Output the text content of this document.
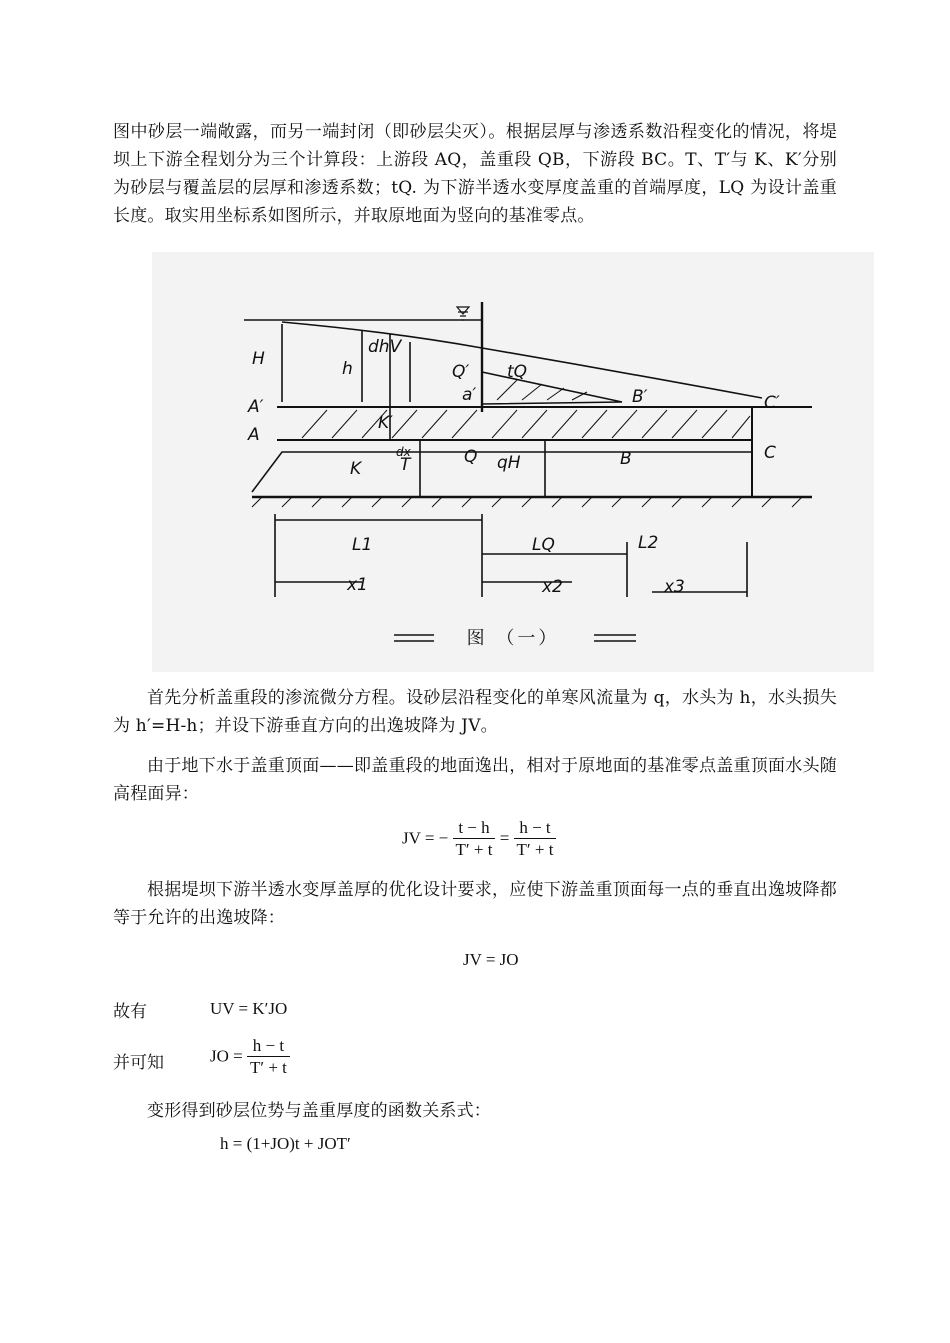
图中砂层一端敞露，而另一端封闭（即砂层尖灭）。根据层厚与渗透系数沿程变化的情况，将堤坝上下游全程划分为三个计算段：上游段 AQ，盖重段 QB，下游段 BC。T、T′与 K、K′分别为砂层与覆盖层的层厚和渗透系数；tQ. 为下游半透水变厚度盖重的首端厚度，LQ 为设计盖重长度。取实用坐标系如图所示，并取原地面为竖向的基准零点。
H	h
dhV
Q′ tQ
a′
A′
A
K′
B′	C′
C
K T
dx	Q qH	B
L1	LQ	L2
x1	x2	x3
图 （一）
首先分析盖重段的渗流微分方程。设砂层沿程变化的单寒风流量为 q，水头为 h，水头损失为 h′=H-h；并设下游垂直方向的出逸坡降为 JV。
由于地下水于盖重顶面——即盖重段的地面逸出，相对于原地面的基准零点盖重顶面水头随高程面异：
JV = − $\frac{t - h}{T' + t} = \frac{h - t}{T' + t}$
根据堤坝下游半透水变厚盖厚的优化设计要求，应使下游盖重顶面每一点的垂直出逸坡降都等于允许的出逸坡降：
JV = JO
故有	UV = K′JO
并可知	JO = $\frac{h - t}{T' + t}$
变形得到砂层位势与盖重厚度的函数关系式：
h = (1+JO)t + JOT′
